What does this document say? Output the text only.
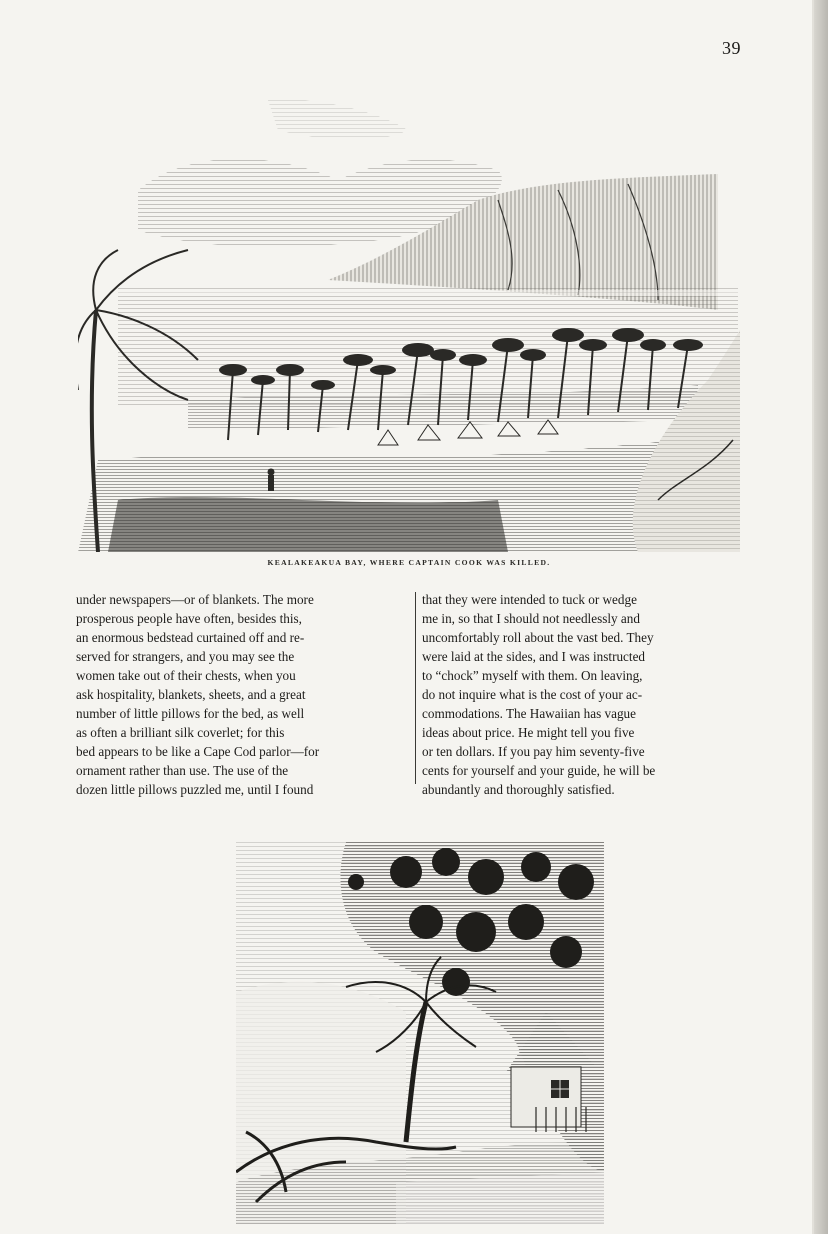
39
KEALAKEAKUA BAY, WHERE CAPTAIN COOK WAS KILLED.
under newspapers—or of blankets. The more
prosperous people have often, besides this,
an enormous bedstead curtained off and re-
served for strangers, and you may see the
women take out of their chests, when you
ask hospitality, blankets, sheets, and a great
number of little pillows for the bed, as well
as often a brilliant silk coverlet; for this
bed appears to be like a Cape Cod parlor—for
ornament rather than use. The use of the
dozen little pillows puzzled me, until I found
that they were intended to tuck or wedge
me in, so that I should not needlessly and
uncomfortably roll about the vast bed. They
were laid at the sides, and I was instructed
to “chock” myself with them. On leaving,
do not inquire what is the cost of your ac-
commodations. The Hawaiian has vague
ideas about price. He might tell you five
or ten dollars. If you pay him seventy-five
cents for yourself and your guide, he will be
abundantly and thoroughly satisfied.
